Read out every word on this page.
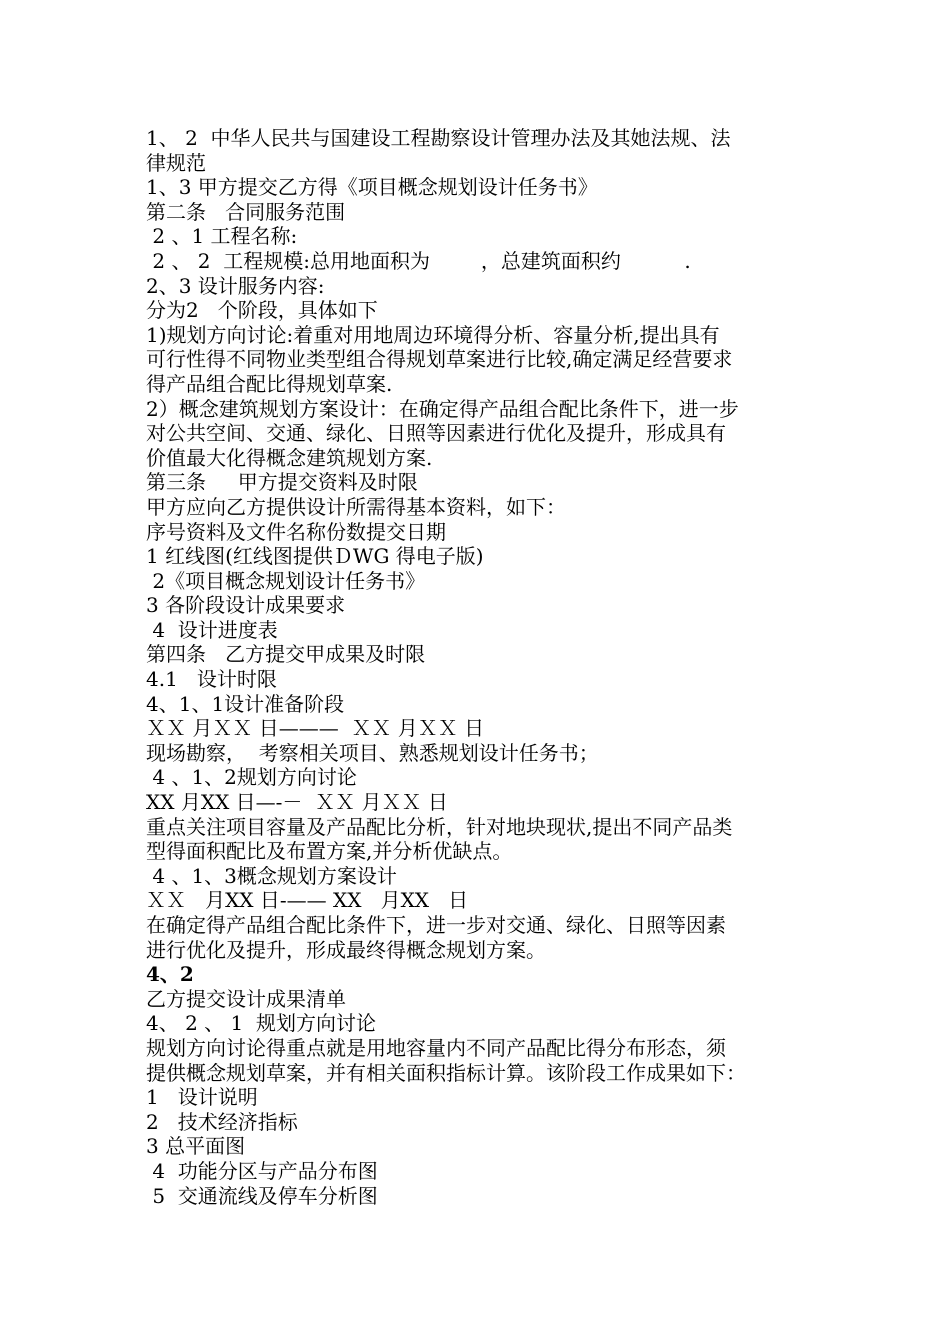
1、 2  中华人民共与国建设工程勘察设计管理办法及其她法规、法
律规范
1、3 甲方提交乙方得《项目概念规划设计任务书》
第二条   合同服务范围
2 、1 工程名称:
2 、 2  工程规模:总用地面积为        ，总建筑面积约          .
2、3 设计服务内容:
分为2   个阶段，具体如下
1)规划方向讨论:着重对用地周边环境得分析、容量分析,提出具有
可行性得不同物业类型组合得规划草案进行比较,确定满足经营要求
得产品组合配比得规划草案.
2）概念建筑规划方案设计：在确定得产品组合配比条件下，进一步
对公共空间、交通、绿化、日照等因素进行优化及提升，形成具有
价值最大化得概念建筑规划方案.
第三条     甲方提交资料及时限
甲方应向乙方提供设计所需得基本资料，如下：
序号资料及文件名称份数提交日期
1 红线图(红线图提供ＤWG 得电子版)
2《项目概念规划设计任务书》
3 各阶段设计成果要求
4  设计进度表
第四条   乙方提交甲成果及时限
4.1   设计时限
4、1、1设计准备阶段
ＸＸ 月ＸＸ 日———  ＸＸ 月ＸＸ 日
现场勘察，  考察相关项目、熟悉规划设计任务书；
4 、1、2规划方向讨论
XX 月XX 日—-－  ＸＸ 月ＸＸ 日
重点关注项目容量及产品配比分析，针对地块现状,提出不同产品类
型得面积配比及布置方案,并分析优缺点。
4 、1、3概念规划方案设计
ＸＸ   月XX 日-—— XX   月XX   日
在确定得产品组合配比条件下，进一步对交通、绿化、日照等因素
进行优化及提升，形成最终得概念规划方案。
4、2
乙方提交设计成果清单
4、 2 、 1  规划方向讨论
规划方向讨论得重点就是用地容量内不同产品配比得分布形态，须
提供概念规划草案，并有相关面积指标计算。该阶段工作成果如下：
1   设计说明
2   技术经济指标
3 总平面图
4  功能分区与产品分布图
5  交通流线及停车分析图
